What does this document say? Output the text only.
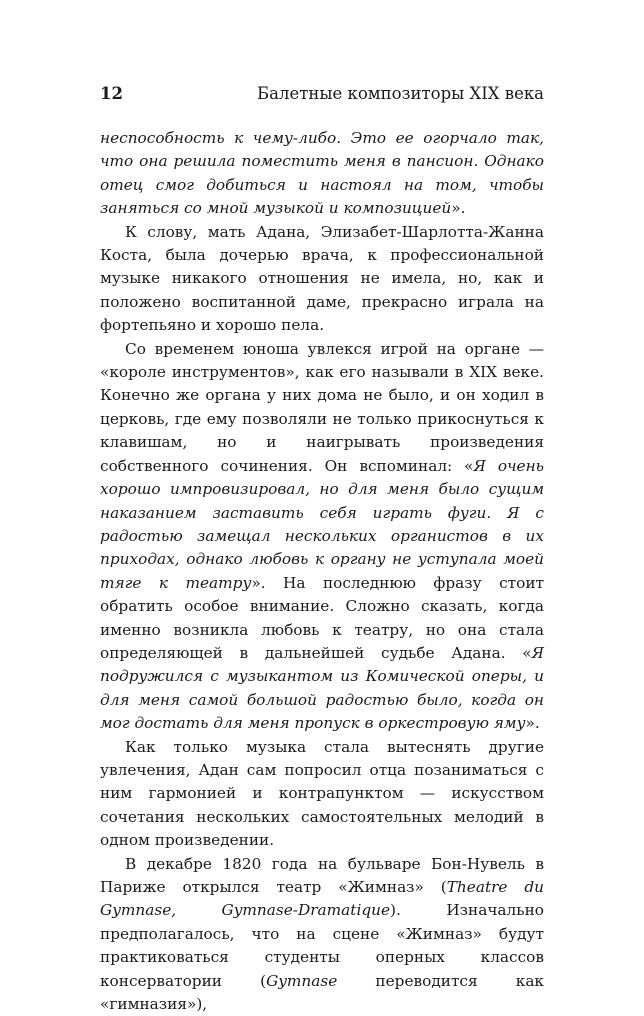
12	Балетные композиторы XIX века

неспособность к чему-либо. Это ее огорчало так, что она решила поместить меня в пансион. Однако отец смог добиться и настоял на том, чтобы заняться со мной музыкой и композицией».

К слову, мать Адана, Элизабет-Шарлотта-Жанна Коста, была дочерью врача, к профессиональной музыке никакого отношения не имела, но, как и положено воспитанной даме, прекрасно играла на фортепьяно и хорошо пела.

Со временем юноша увлекся игрой на органе — «короле инструментов», как его называли в XIX веке. Конечно же органа у них дома не было, и он ходил в церковь, где ему позволяли не только прикоснуться к клавишам, но и наигрывать произведения собственного сочинения. Он вспоминал: «Я очень хорошо импровизировал, но для меня было сущим наказанием заставить себя играть фуги. Я с радостью замещал нескольких органистов в их приходах, однако любовь к органу не уступала моей тяге к театру». На последнюю фразу стоит обратить особое внимание. Сложно сказать, когда именно возникла любовь к театру, но она стала определяющей в дальнейшей судьбе Адана. «Я подружился с музыкантом из Комической оперы, и для меня самой большой радостью было, когда он мог достать для меня пропуск в оркестровую яму».

Как только музыка стала вытеснять другие увлечения, Адан сам попросил отца позаниматься с ним гармонией и контрапунктом — искусством сочетания нескольких самостоятельных мелодий в одном произведении.

В декабре 1820 года на бульваре Бон-Нувель в Париже открылся театр «Жимназ» (Theatre du Gymnase, Gymnase-Dramatique). Изначально предполагалось, что на сцене «Жимназ» будут практиковаться студенты оперных классов консерватории (Gymnase переводится как «гимназия»),
